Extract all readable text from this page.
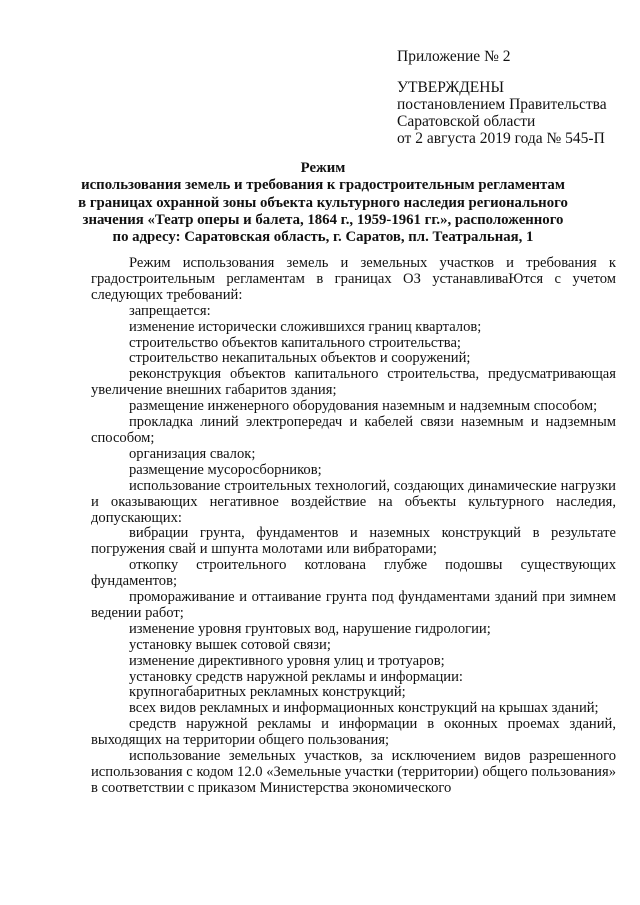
Приложение № 2
УТВЕРЖДЕНЫ
постановлением Правительства
Саратовской области
от 2 августа 2019 года № 545-П
Режим
использования земель и требования к градостроительным регламентам
в границах охранной зоны объекта культурного наследия регионального
значения «Театр оперы и балета, 1864 г., 1959-1961 гг.», расположенного
по адресу: Саратовская область, г. Саратов, пл. Театральная, 1

Режим использования земель и земельных участков и требования к градостроительным регламентам в границах ОЗ устанавливаЮтся с учетом следующих требований:

запрещается:

изменение исторически сложившихся границ кварталов;

строительство объектов капитального строительства;

строительство некапитальных объектов и сооружений;

реконструкция объектов капитального строительства, предусматривающая увеличение внешних габаритов здания;

размещение инженерного оборудования наземным и надземным способом;

прокладка линий электропередач и кабелей связи наземным и надземным способом;

организация свалок;

размещение мусоросборников;

использование строительных технологий, создающих динамические нагрузки и оказывающих негативное воздействие на объекты культурного наследия, допускающих:

вибрации грунта, фундаментов и наземных конструкций в результате погружения свай и шпунта молотами или вибраторами;

откопку строительного котлована глубже подошвы существующих фундаментов;

промораживание и оттаивание грунта под фундаментами зданий при зимнем ведении работ;

изменение уровня грунтовых вод, нарушение гидрологии;

установку вышек сотовой связи;

изменение директивного уровня улиц и тротуаров;

установку средств наружной рекламы и информации:

крупногабаритных рекламных конструкций;

всех видов рекламных и информационных конструкций на крышах зданий;

средств наружной рекламы и информации в оконных проемах зданий, выходящих на территории общего пользования;

использование земельных участков, за исключением видов разрешенного использования с кодом 12.0 «Земельные участки (территории) общего пользования» в соответствии с приказом Министерства экономического
